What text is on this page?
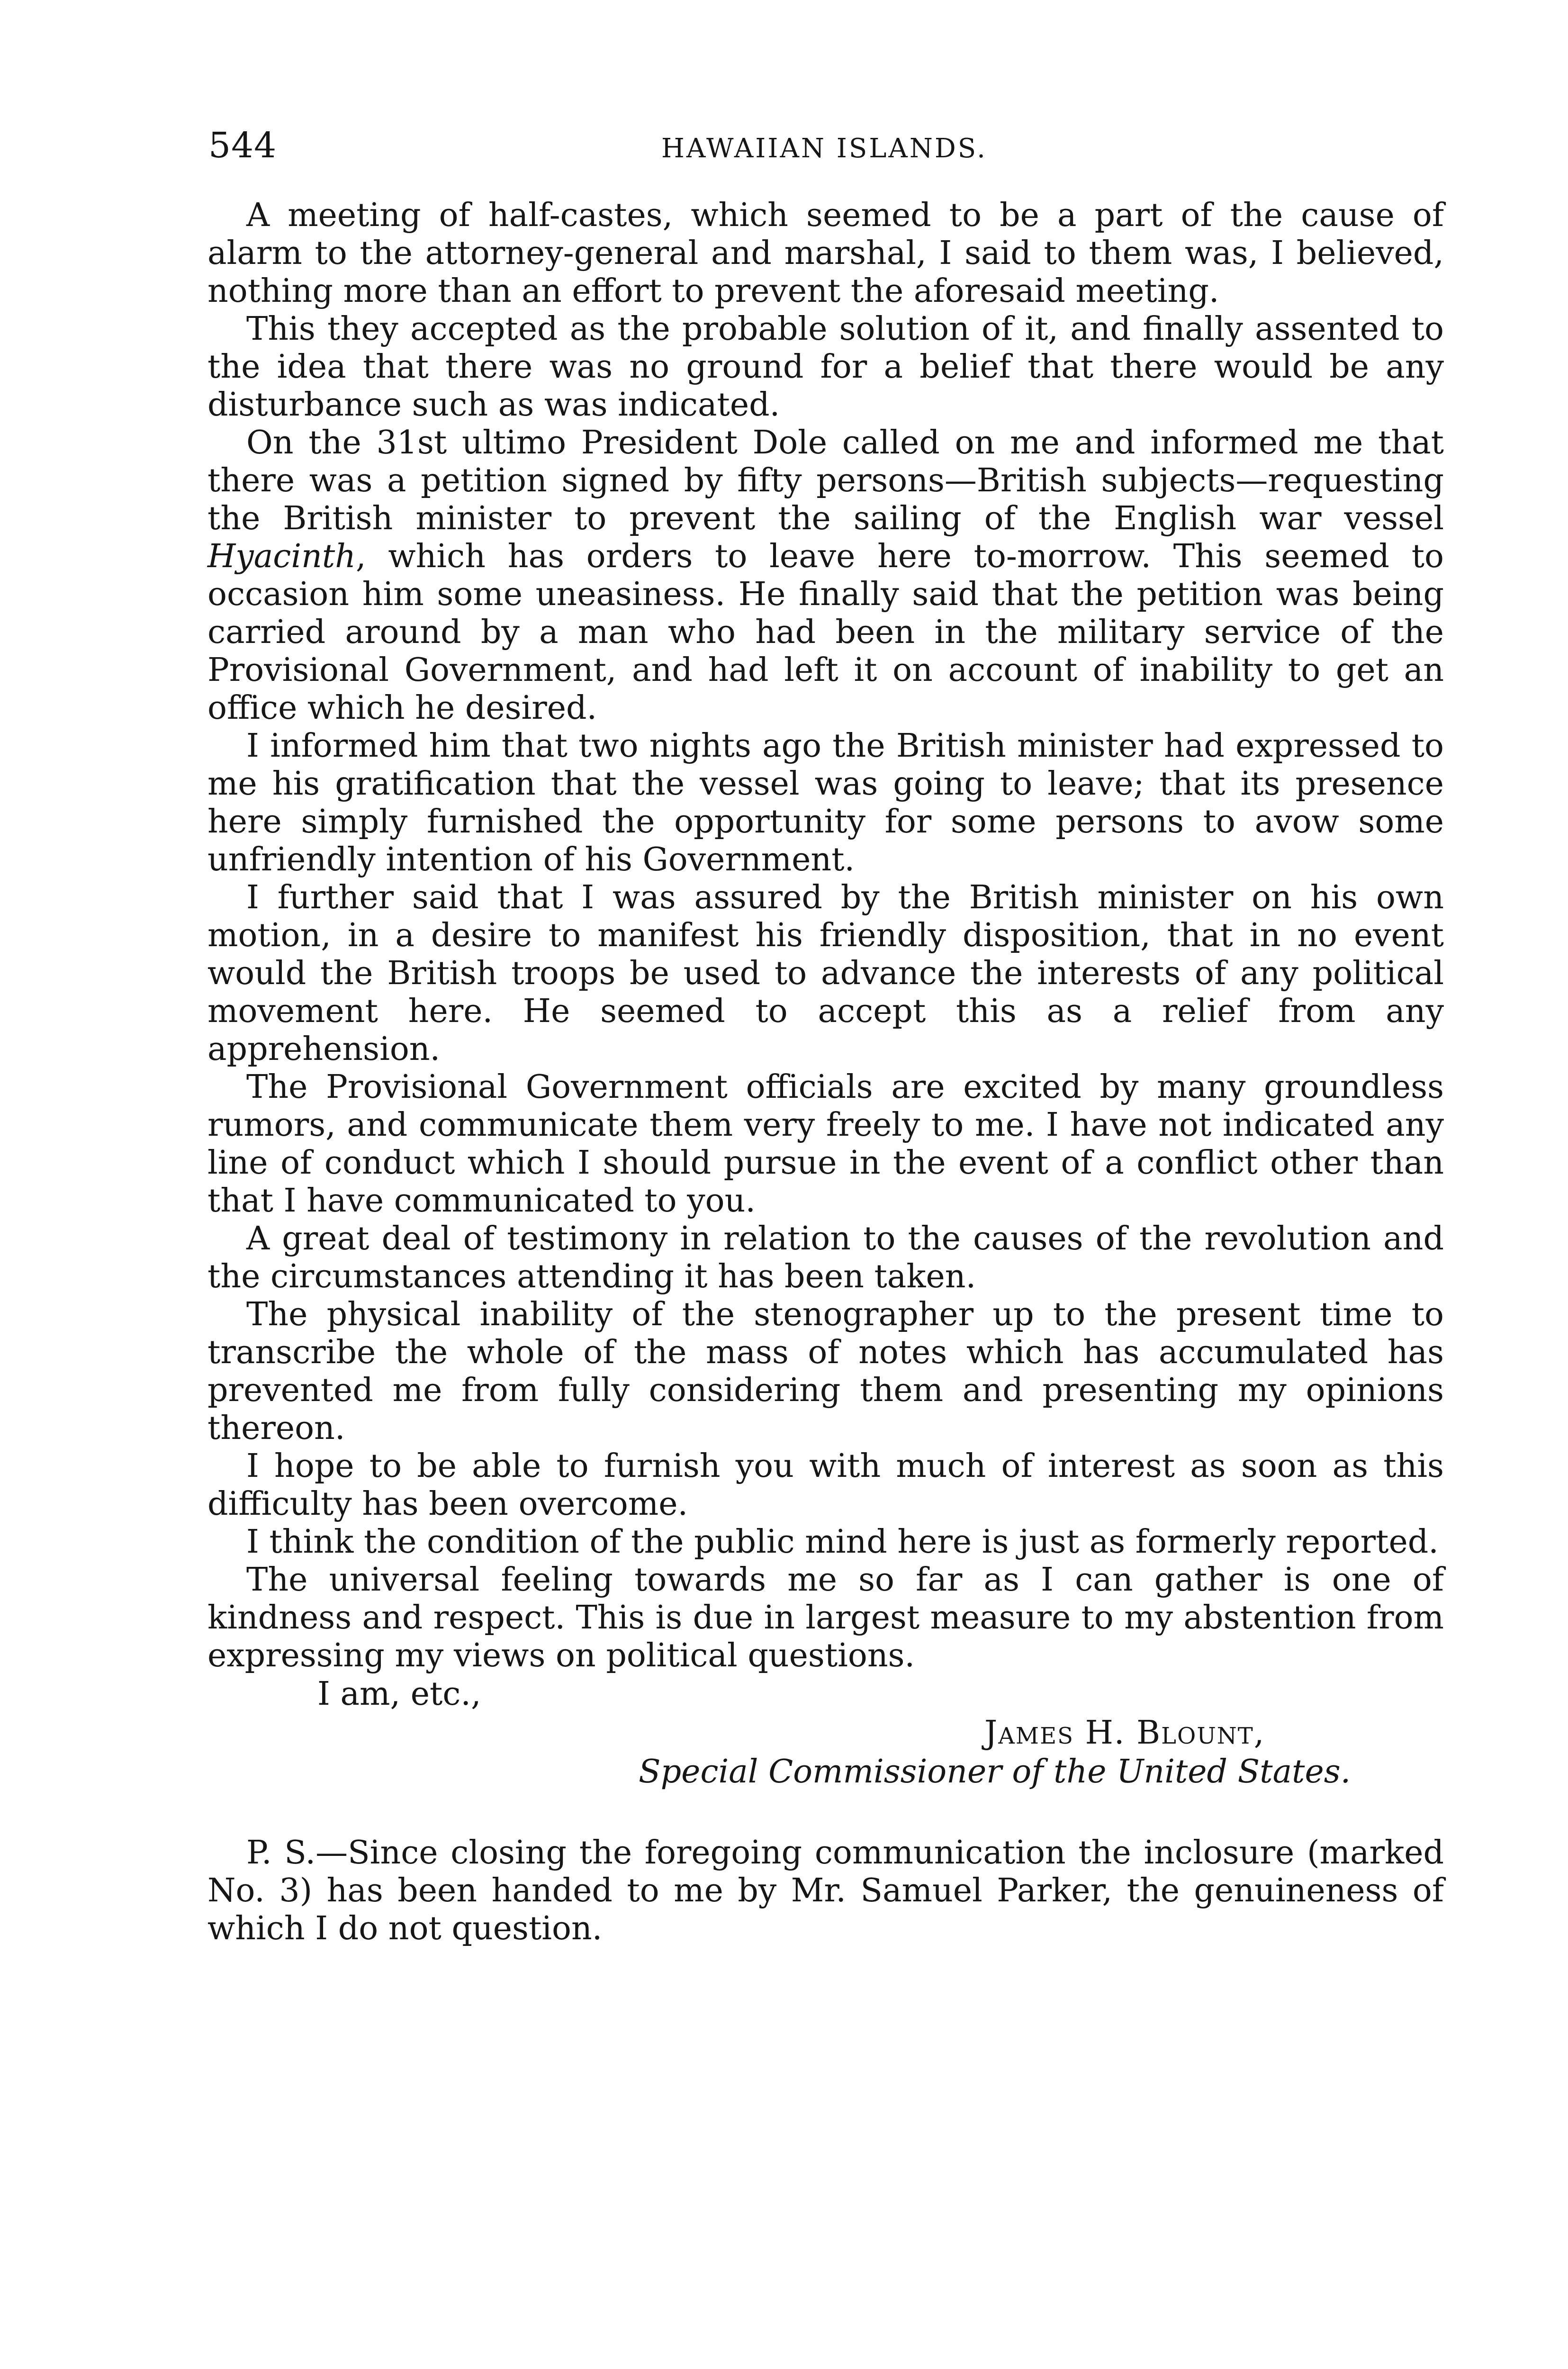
544	HAWAIIAN ISLANDS.

A meeting of half-castes, which seemed to be a part of the cause of alarm to the attorney-general and marshal, I said to them was, I believed, nothing more than an effort to prevent the aforesaid meeting.

This they accepted as the probable solution of it, and finally assented to the idea that there was no ground for a belief that there would be any disturbance such as was indicated.

On the 31st ultimo President Dole called on me and informed me that there was a petition signed by fifty persons—British subjects—requesting the British minister to prevent the sailing of the English war vessel Hyacinth, which has orders to leave here to-morrow. This seemed to occasion him some uneasiness. He finally said that the petition was being carried around by a man who had been in the military service of the Provisional Government, and had left it on account of inability to get an office which he desired.

I informed him that two nights ago the British minister had expressed to me his gratification that the vessel was going to leave; that its presence here simply furnished the opportunity for some persons to avow some unfriendly intention of his Government.

I further said that I was assured by the British minister on his own motion, in a desire to manifest his friendly disposition, that in no event would the British troops be used to advance the interests of any political movement here. He seemed to accept this as a relief from any apprehension.

The Provisional Government officials are excited by many groundless rumors, and communicate them very freely to me. I have not indicated any line of conduct which I should pursue in the event of a conflict other than that I have communicated to you.

A great deal of testimony in relation to the causes of the revolution and the circumstances attending it has been taken.

The physical inability of the stenographer up to the present time to transcribe the whole of the mass of notes which has accumulated has prevented me from fully considering them and presenting my opinions thereon.

I hope to be able to furnish you with much of interest as soon as this difficulty has been overcome.

I think the condition of the public mind here is just as formerly reported.

The universal feeling towards me so far as I can gather is one of kindness and respect. This is due in largest measure to my abstention from expressing my views on political questions.

I am, etc.,

James H. Blount,

Special Commissioner of the United States.

P. S.—Since closing the foregoing communication the inclosure (marked No. 3) has been handed to me by Mr. Samuel Parker, the genuineness of which I do not question.
